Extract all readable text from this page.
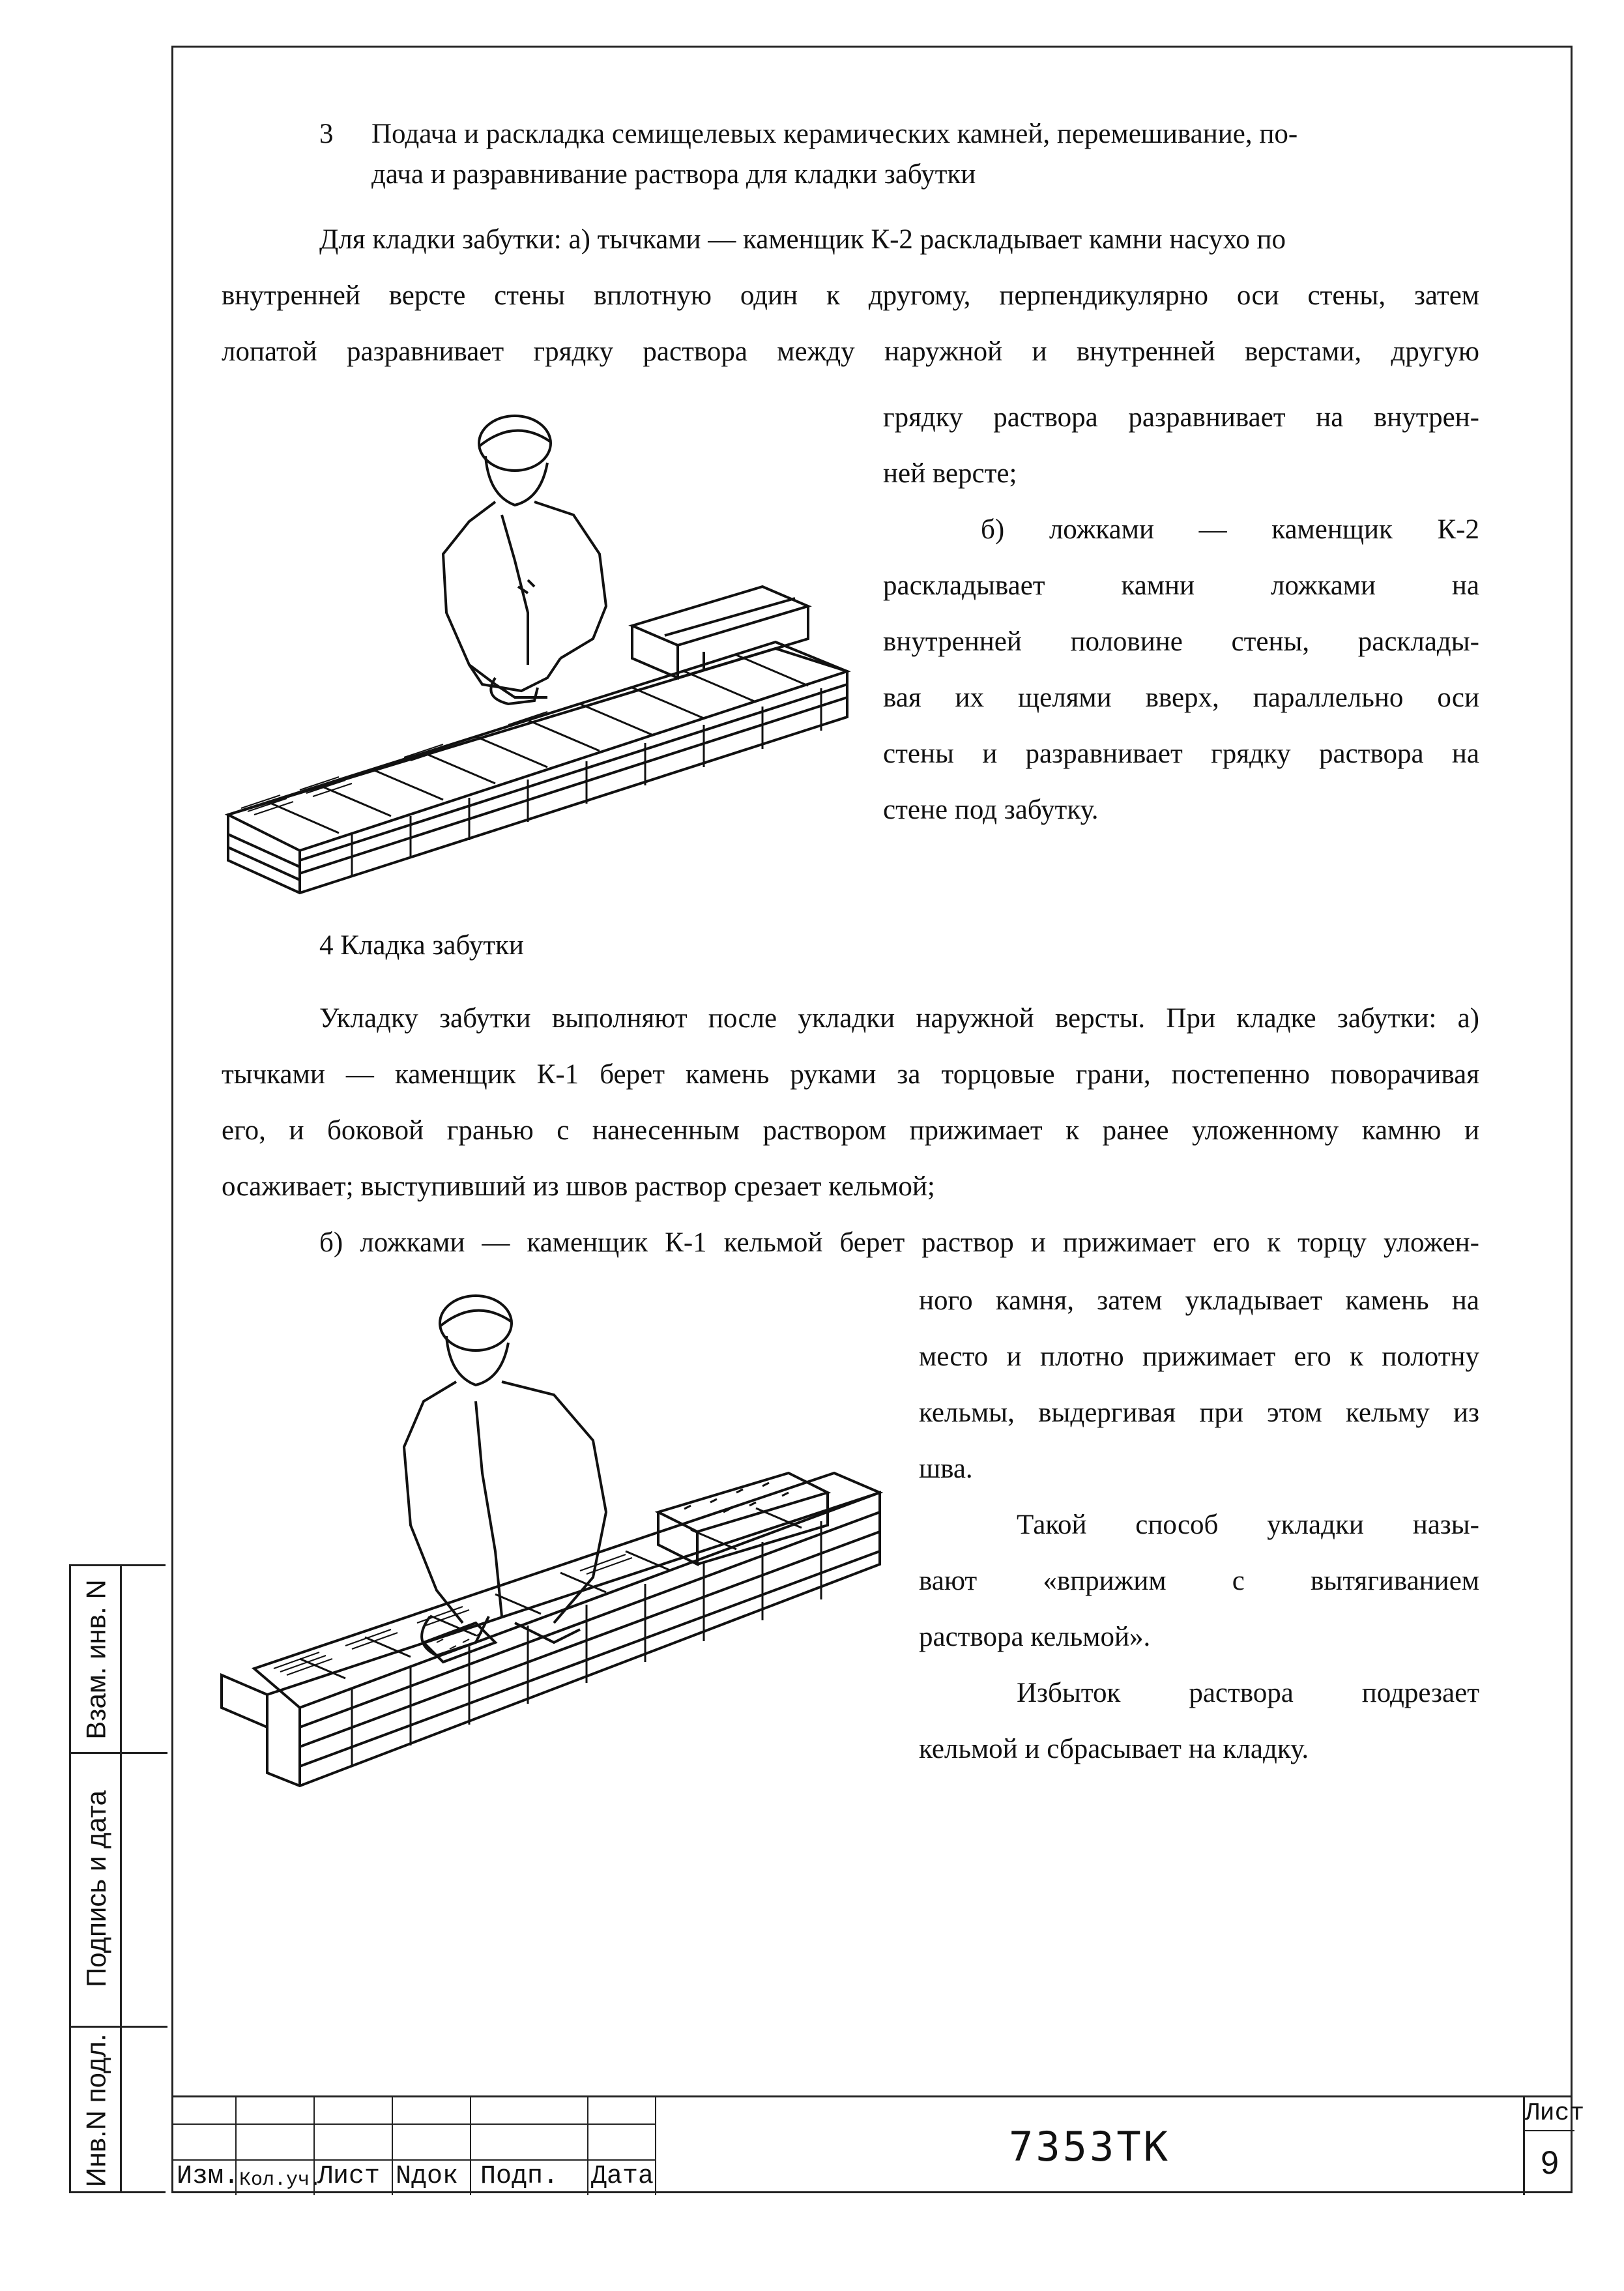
3 Подача и раскладка семищелевых керамических камней, перемешивание, по-
дача и разравнивание раствора для кладки забутки
Для кладки забутки: а) тычками — каменщик К-2 раскладывает камни насухо по
внутренней версте стены вплотную один к другому, перпендикулярно оси стены, затем
лопатой разравнивает грядку раствора между наружной и внутренней верстами, другую
грядку раствора разравнивает на внутрен-
ней версте;
б) ложками — каменщик К-2
раскладывает камни ложками на
внутренней половине стены, расклады-
вая их щелями вверх, параллельно оси
стены и разравнивает грядку раствора на
стене под забутку.
4 Кладка забутки
Укладку забутки выполняют после укладки наружной версты. При кладке забутки: а)
тычками — каменщик К-1 берет камень руками за торцовые грани, постепенно поворачивая
его, и боковой гранью с нанесенным раствором прижимает к ранее уложенному камню и
осаживает; выступивший из швов раствор срезает кельмой;
б) ложками — каменщик К-1 кельмой берет раствор и прижимает его к торцу уложен-
ного камня, затем укладывает камень на
место и плотно прижимает его к полотну
кельмы, выдергивая при этом кельму из
шва.
Такой способ укладки назы-
вают «вприжим с вытягиванием
раствора кельмой».
Избыток раствора подрезает
кельмой и сбрасывает на кладку.
Взам. инв. N
Подпись и дата
Инв.N подл. Изм. Кол.уч.
Лист Nдок Подп. Дата
7353ТК
Лист
9
